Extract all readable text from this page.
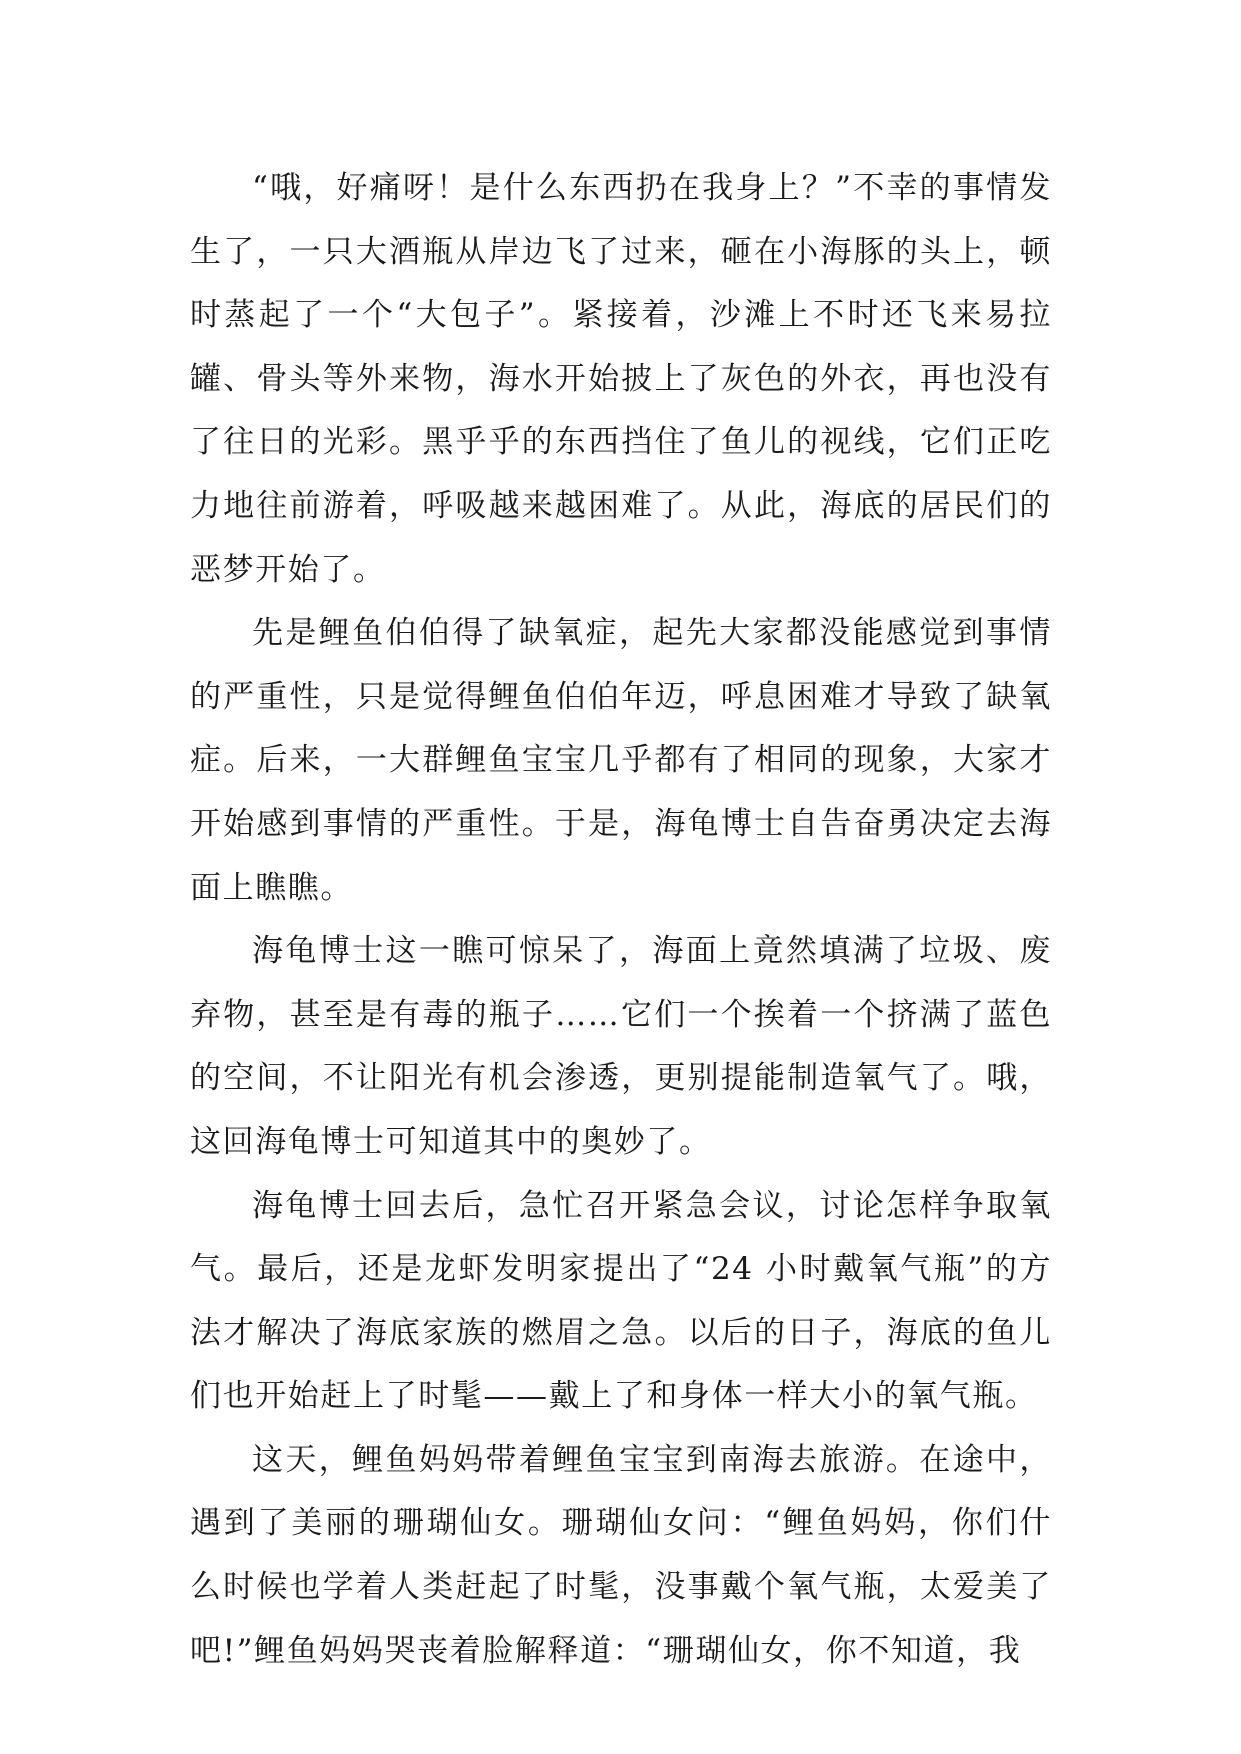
“哦，好痛呀！是什么东西扔在我身上？”不幸的事情发生了，一只大酒瓶从岸边飞了过来，砸在小海豚的头上，顿时蒸起了一个“大包子”。紧接着，沙滩上不时还飞来易拉罐、骨头等外来物，海水开始披上了灰色的外衣，再也没有了往日的光彩。黑乎乎的东西挡住了鱼儿的视线，它们正吃力地往前游着，呼吸越来越困难了。从此，海底的居民们的恶梦开始了。

先是鲤鱼伯伯得了缺氧症，起先大家都没能感觉到事情的严重性，只是觉得鲤鱼伯伯年迈，呼息困难才导致了缺氧症。后来，一大群鲤鱼宝宝几乎都有了相同的现象，大家才开始感到事情的严重性。于是，海龟博士自告奋勇决定去海面上瞧瞧。

海龟博士这一瞧可惊呆了，海面上竟然填满了垃圾、废弃物，甚至是有毒的瓶子……它们一个挨着一个挤满了蓝色的空间，不让阳光有机会渗透，更别提能制造氧气了。哦，这回海龟博士可知道其中的奥妙了。

海龟博士回去后，急忙召开紧急会议，讨论怎样争取氧气。最后，还是龙虾发明家提出了“24 小时戴氧气瓶”的方法才解决了海底家族的燃眉之急。以后的日子，海底的鱼儿们也开始赶上了时髦——戴上了和身体一样大小的氧气瓶。

这天，鲤鱼妈妈带着鲤鱼宝宝到南海去旅游。在途中，遇到了美丽的珊瑚仙女。珊瑚仙女问：“鲤鱼妈妈，你们什么时候也学着人类赶起了时髦，没事戴个氧气瓶，太爱美了吧!”鲤鱼妈妈哭丧着脸解释道：“珊瑚仙女，你不知道，我
